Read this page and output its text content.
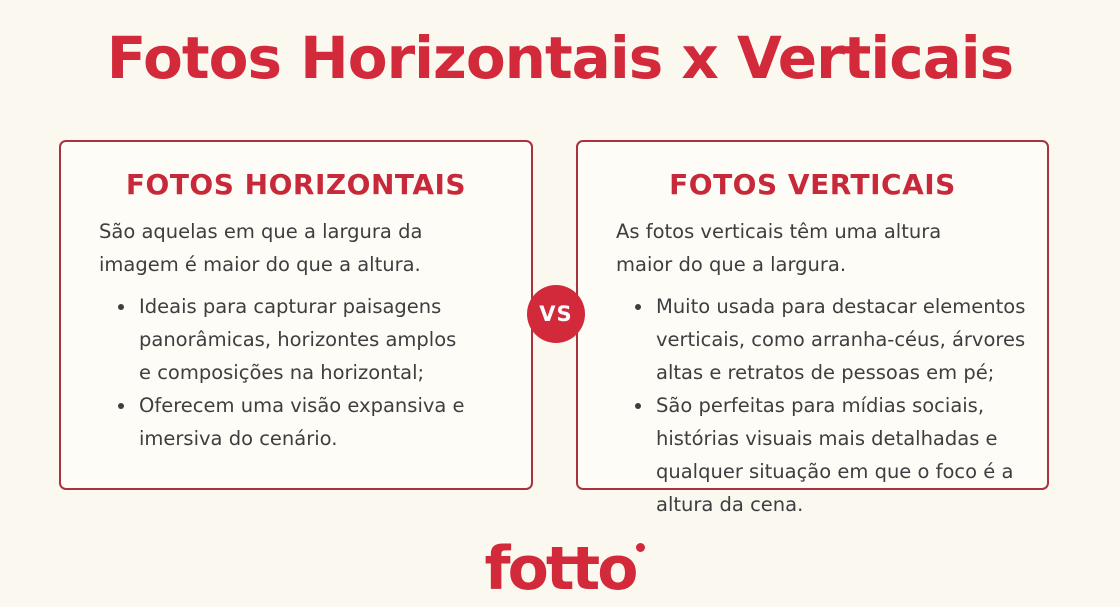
Fotos Horizontais x Verticais
FOTOS HORIZONTAIS

São aquelas em que a largura da imagem é maior do que a altura.

• Ideais para capturar paisagens panorâmicas, horizontes amplos e composições na horizontal;
• Oferecem uma visão expansiva e imersiva do cenário.
VS
FOTOS VERTICAIS

As fotos verticais têm uma altura maior do que a largura.

• Muito usada para destacar elementos verticais, como arranha-céus, árvores altas e retratos de pessoas em pé;
• São perfeitas para mídias sociais, histórias visuais mais detalhadas e qualquer situação em que o foco é a altura da cena.
fotto
